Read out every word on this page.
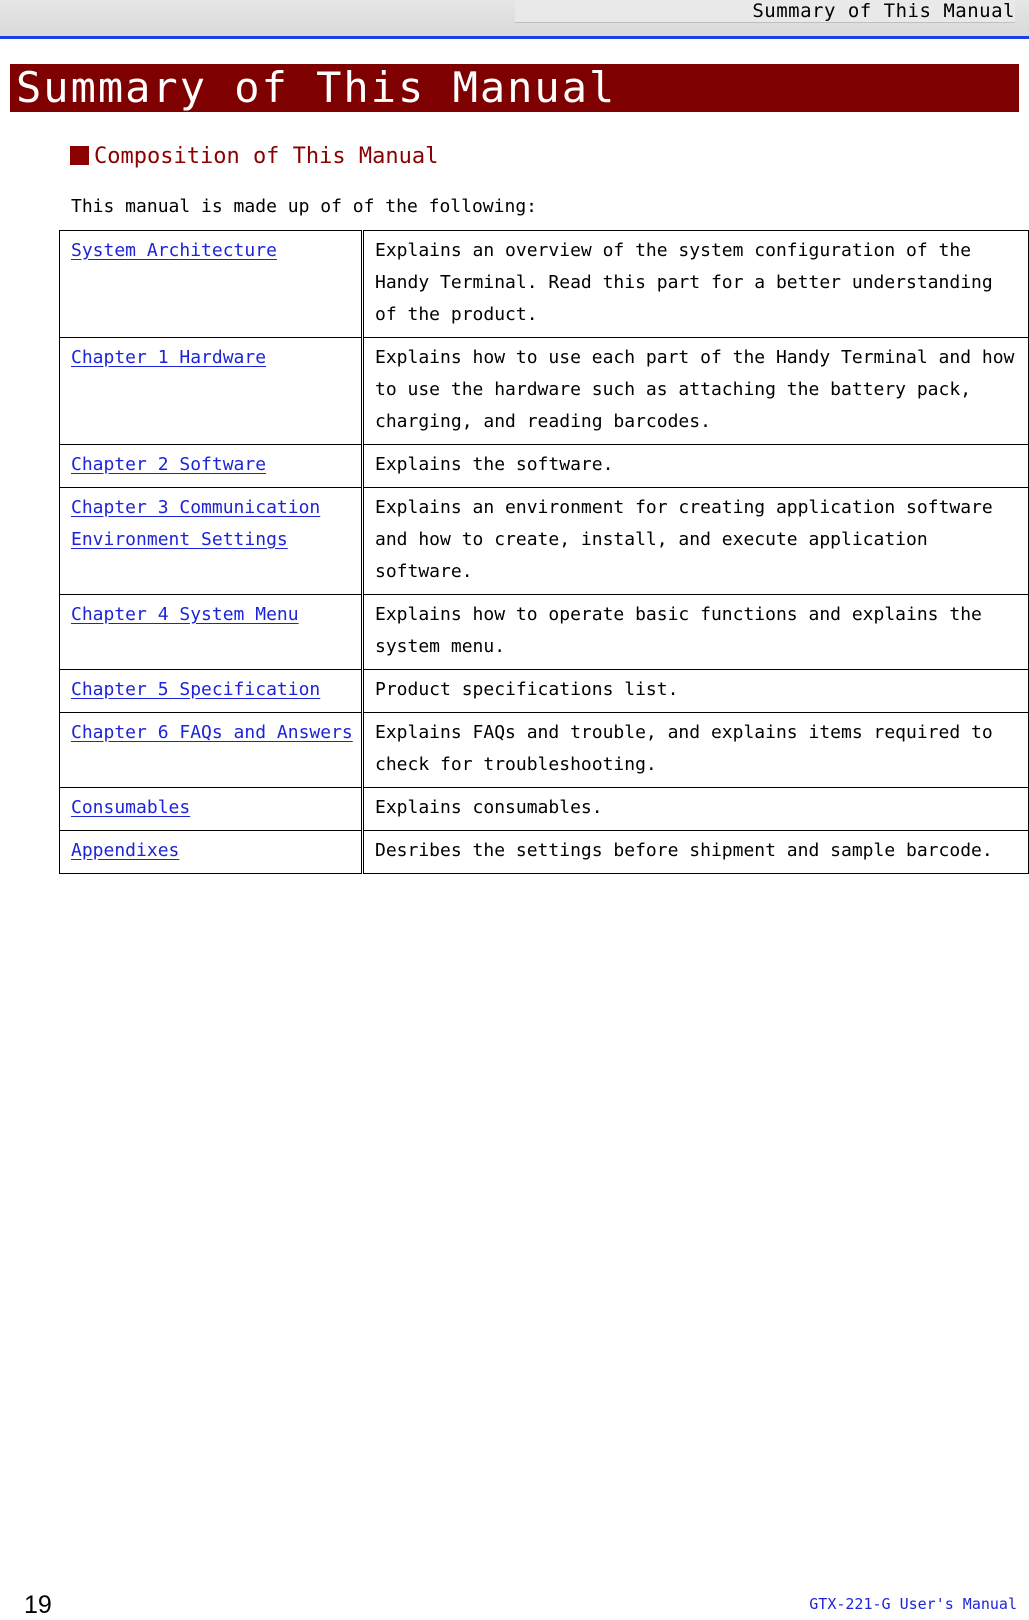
Summary of This Manual
Summary of This Manual
Composition of This Manual
This manual is made up of of the following:
System Architecture	Explains an overview of the system configuration of the Handy Terminal. Read this part for a better understanding of the product.
Chapter 1 Hardware	Explains how to use each part of the Handy Terminal and how to use the hardware such as attaching the battery pack, charging, and reading barcodes.
Chapter 2 Software	Explains the software.
Chapter 3 Communication Environment Settings	Explains an environment for creating application software and how to create, install, and execute application software.
Chapter 4 System Menu	Explains how to operate basic functions and explains the system menu.
Chapter 5 Specification	Product specifications list.
Chapter 6 FAQs and Answers	Explains FAQs and trouble, and explains items required to check for troubleshooting.
Consumables	Explains consumables.
Appendixes	Desribes the settings before shipment and sample barcode.
19	GTX-221-G User's Manual
